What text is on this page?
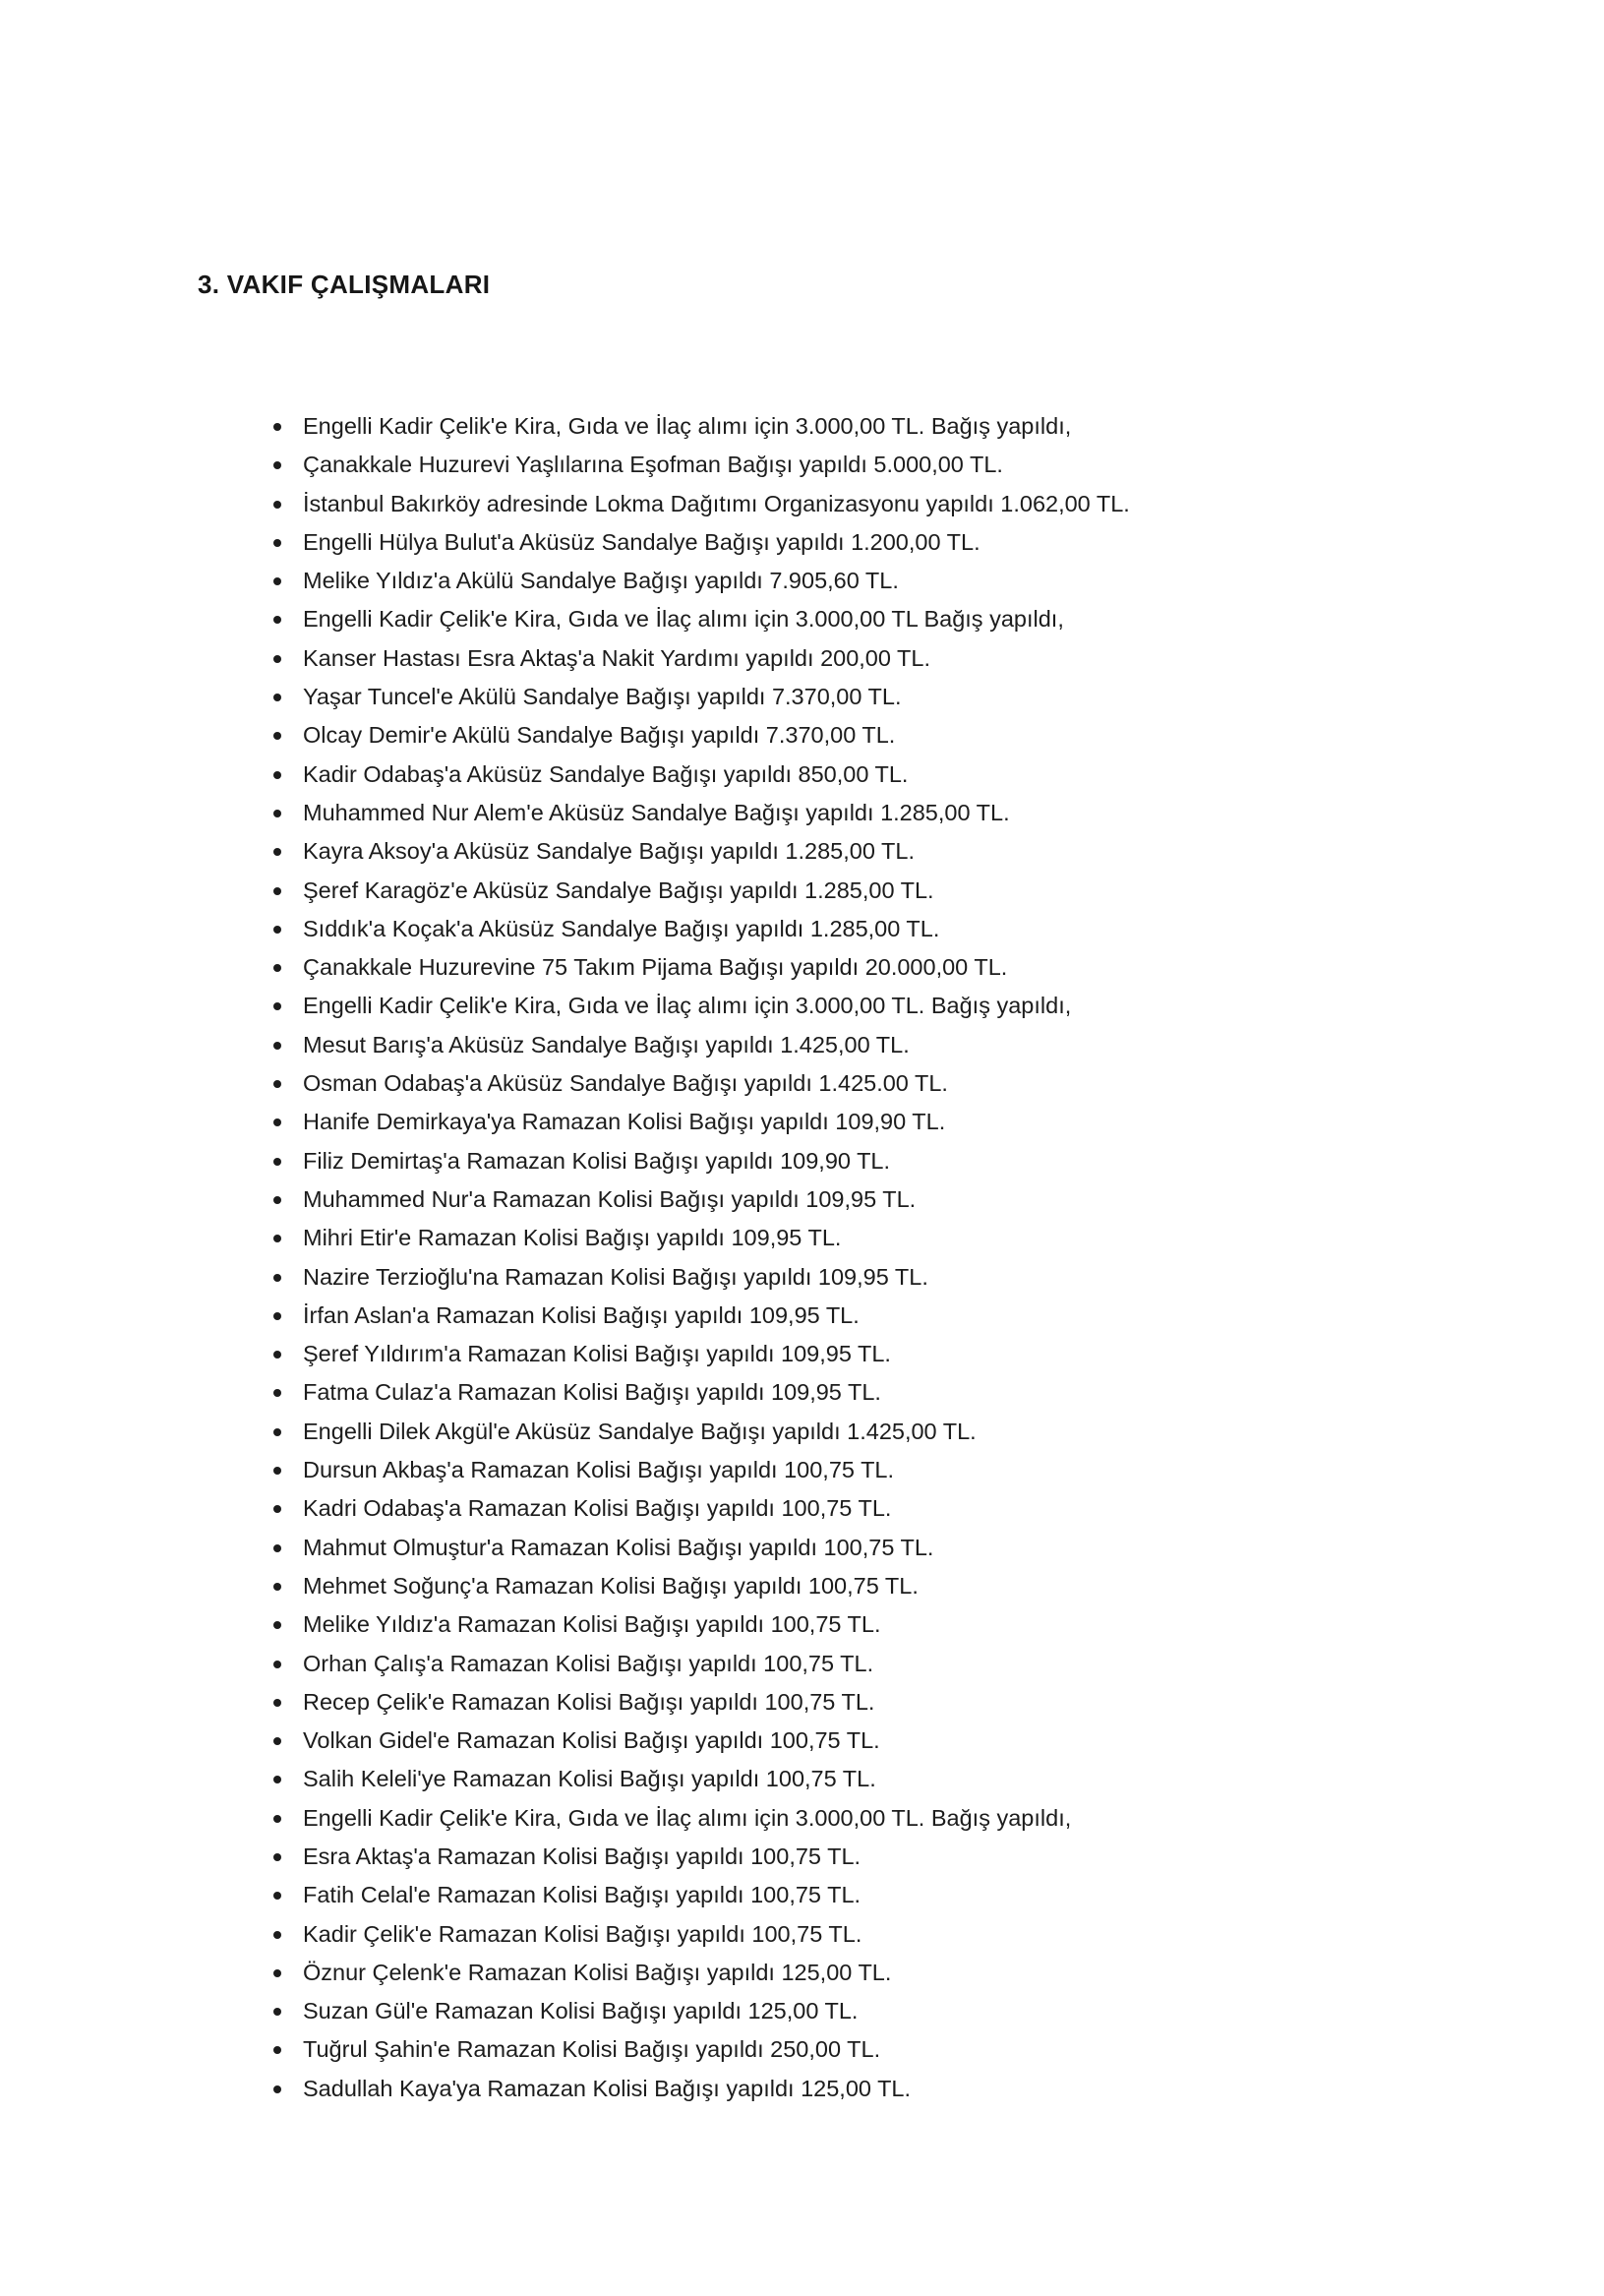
3. VAKIF ÇALIŞMALARI
Engelli Kadir Çelik'e Kira, Gıda ve İlaç alımı için 3.000,00 TL. Bağış yapıldı,
Çanakkale Huzurevi Yaşlılarına Eşofman Bağışı yapıldı 5.000,00 TL.
İstanbul Bakırköy adresinde Lokma Dağıtımı Organizasyonu yapıldı 1.062,00 TL.
Engelli Hülya Bulut'a Aküsüz Sandalye Bağışı yapıldı 1.200,00 TL.
Melike Yıldız'a Akülü Sandalye Bağışı yapıldı 7.905,60 TL.
Engelli Kadir Çelik'e Kira, Gıda ve İlaç alımı için 3.000,00 TL Bağış yapıldı,
Kanser Hastası Esra Aktaş'a Nakit Yardımı yapıldı 200,00 TL.
Yaşar Tuncel'e Akülü Sandalye Bağışı yapıldı 7.370,00 TL.
Olcay Demir'e Akülü Sandalye Bağışı yapıldı 7.370,00 TL.
Kadir Odabaş'a Aküsüz Sandalye Bağışı yapıldı 850,00 TL.
Muhammed Nur Alem'e Aküsüz Sandalye Bağışı yapıldı 1.285,00 TL.
Kayra Aksoy'a Aküsüz Sandalye Bağışı yapıldı 1.285,00 TL.
Şeref Karagöz'e Aküsüz Sandalye Bağışı yapıldı 1.285,00 TL.
Sıddık'a Koçak'a Aküsüz Sandalye Bağışı yapıldı 1.285,00 TL.
Çanakkale Huzurevine 75 Takım Pijama Bağışı yapıldı 20.000,00 TL.
Engelli Kadir Çelik'e Kira, Gıda ve İlaç alımı için 3.000,00 TL. Bağış yapıldı,
Mesut Barış'a Aküsüz Sandalye Bağışı yapıldı 1.425,00 TL.
Osman Odabaş'a Aküsüz Sandalye Bağışı yapıldı 1.425.00 TL.
Hanife Demirkaya'ya Ramazan Kolisi Bağışı yapıldı 109,90 TL.
Filiz Demirtaş'a Ramazan Kolisi Bağışı yapıldı 109,90 TL.
Muhammed Nur'a Ramazan Kolisi Bağışı yapıldı 109,95 TL.
Mihri Etir'e Ramazan Kolisi Bağışı yapıldı 109,95 TL.
Nazire Terzioğlu'na Ramazan Kolisi Bağışı yapıldı 109,95 TL.
İrfan Aslan'a Ramazan Kolisi Bağışı yapıldı 109,95 TL.
Şeref Yıldırım'a Ramazan Kolisi Bağışı yapıldı 109,95 TL.
Fatma Culaz'a Ramazan Kolisi Bağışı yapıldı 109,95 TL.
Engelli Dilek Akgül'e Aküsüz Sandalye Bağışı yapıldı 1.425,00 TL.
Dursun Akbaş'a Ramazan Kolisi Bağışı yapıldı 100,75 TL.
Kadri Odabaş'a Ramazan Kolisi Bağışı yapıldı 100,75 TL.
Mahmut Olmuştur'a Ramazan Kolisi Bağışı yapıldı 100,75 TL.
Mehmet Soğunç'a Ramazan Kolisi Bağışı yapıldı 100,75 TL.
Melike Yıldız'a Ramazan Kolisi Bağışı yapıldı 100,75 TL.
Orhan Çalış'a Ramazan Kolisi Bağışı yapıldı 100,75 TL.
Recep Çelik'e Ramazan Kolisi Bağışı yapıldı 100,75 TL.
Volkan Gidel'e Ramazan Kolisi Bağışı yapıldı 100,75 TL.
Salih Keleli'ye Ramazan Kolisi Bağışı yapıldı 100,75 TL.
Engelli Kadir Çelik'e Kira, Gıda ve İlaç alımı için 3.000,00 TL. Bağış yapıldı,
Esra Aktaş'a Ramazan Kolisi Bağışı yapıldı 100,75 TL.
Fatih Celal'e Ramazan Kolisi Bağışı yapıldı 100,75 TL.
Kadir Çelik'e Ramazan Kolisi Bağışı yapıldı 100,75 TL.
Öznur Çelenk'e Ramazan Kolisi Bağışı yapıldı 125,00 TL.
Suzan Gül'e Ramazan Kolisi Bağışı yapıldı 125,00 TL.
Tuğrul Şahin'e Ramazan Kolisi Bağışı yapıldı 250,00 TL.
Sadullah Kaya'ya Ramazan Kolisi Bağışı yapıldı 125,00 TL.
